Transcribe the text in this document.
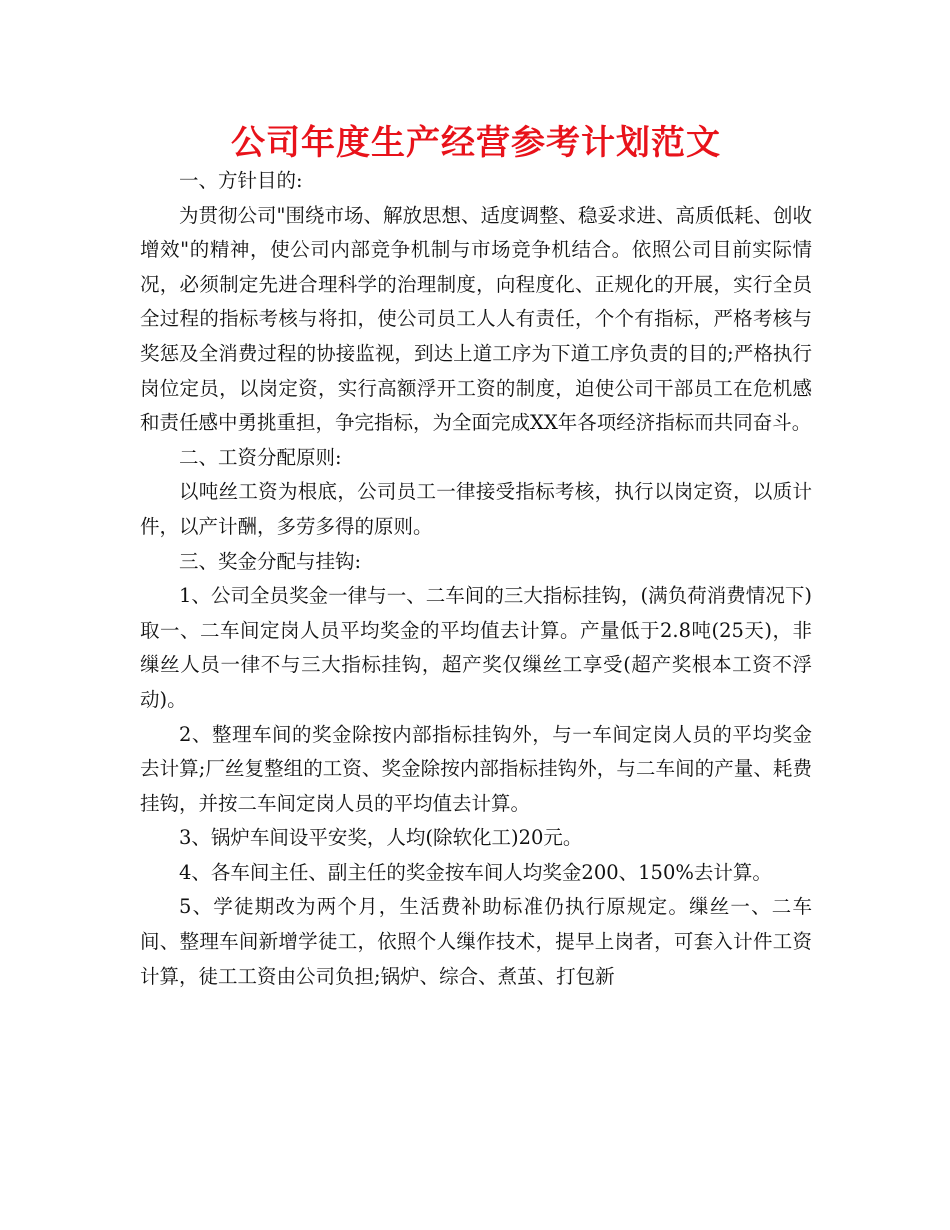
公司年度生产经营参考计划范文

一、方针目的:

为贯彻公司"围绕市场、解放思想、适度调整、稳妥求进、高质低耗、创收增效"的精神，使公司内部竞争机制与市场竞争机结合。依照公司目前实际情况，必须制定先进合理科学的治理制度，向程度化、正规化的开展，实行全员全过程的指标考核与将扣，使公司员工人人有责任，个个有指标，严格考核与奖惩及全消费过程的协接监视，到达上道工序为下道工序负责的目的;严格执行岗位定员，以岗定资，实行高额浮开工资的制度，迫使公司干部员工在危机感和责任感中勇挑重担，争完指标，为全面完成XX年各项经济指标而共同奋斗。

二、工资分配原则:

以吨丝工资为根底，公司员工一律接受指标考核，执行以岗定资，以质计件，以产计酬，多劳多得的原则。

三、奖金分配与挂钩:

1、公司全员奖金一律与一、二车间的三大指标挂钩，(满负荷消费情况下)取一、二车间定岗人员平均奖金的平均值去计算。产量低于2.8吨(25天)，非缫丝人员一律不与三大指标挂钩，超产奖仅缫丝工享受(超产奖根本工资不浮动)。

2、整理车间的奖金除按内部指标挂钩外，与一车间定岗人员的平均奖金去计算;厂丝复整组的工资、奖金除按内部指标挂钩外，与二车间的产量、耗费挂钩，并按二车间定岗人员的平均值去计算。

3、锅炉车间设平安奖，人均(除软化工)20元。

4、各车间主任、副主任的奖金按车间人均奖金200、150%去计算。

5、学徒期改为两个月，生活费补助标准仍执行原规定。缫丝一、二车间、整理车间新增学徒工，依照个人缫作技术，提早上岗者，可套入计件工资计算，徒工工资由公司负担;锅炉、综合、煮茧、打包新
